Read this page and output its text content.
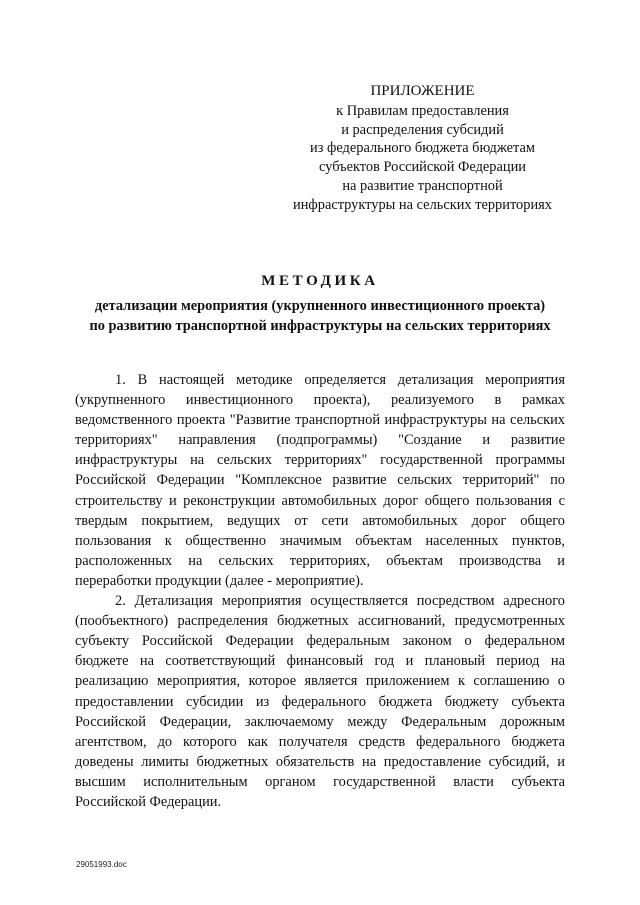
ПРИЛОЖЕНИЕ
к Правилам предоставления
и распределения субсидий
из федерального бюджета бюджетам
субъектов Российской Федерации
на развитие транспортной
инфраструктуры на сельских территориях
МЕТОДИКА
детализации мероприятия (укрупненного инвестиционного проекта)
по развитию транспортной инфраструктуры на сельских территориях

1. В настоящей методике определяется детализация мероприятия (укрупненного инвестиционного проекта), реализуемого в рамках ведомственного проекта "Развитие транспортной инфраструктуры на сельских территориях" направления (подпрограммы) "Создание и развитие инфраструктуры на сельских территориях" государственной программы Российской Федерации "Комплексное развитие сельских территорий" по строительству и реконструкции автомобильных дорог общего пользования с твердым покрытием, ведущих от сети автомобильных дорог общего пользования к общественно значимым объектам населенных пунктов, расположенных на сельских территориях, объектам производства и переработки продукции (далее - мероприятие).

2. Детализация мероприятия осуществляется посредством адресного (пообъектного) распределения бюджетных ассигнований, предусмотренных субъекту Российской Федерации федеральным законом о федеральном бюджете на соответствующий финансовый год и плановый период на реализацию мероприятия, которое является приложением к соглашению о предоставлении субсидии из федерального бюджета бюджету субъекта Российской Федерации, заключаемому между Федеральным дорожным агентством, до которого как получателя средств федерального бюджета доведены лимиты бюджетных обязательств на предоставление субсидий, и высшим исполнительным органом государственной власти субъекта Российской Федерации.

29051993.doc
